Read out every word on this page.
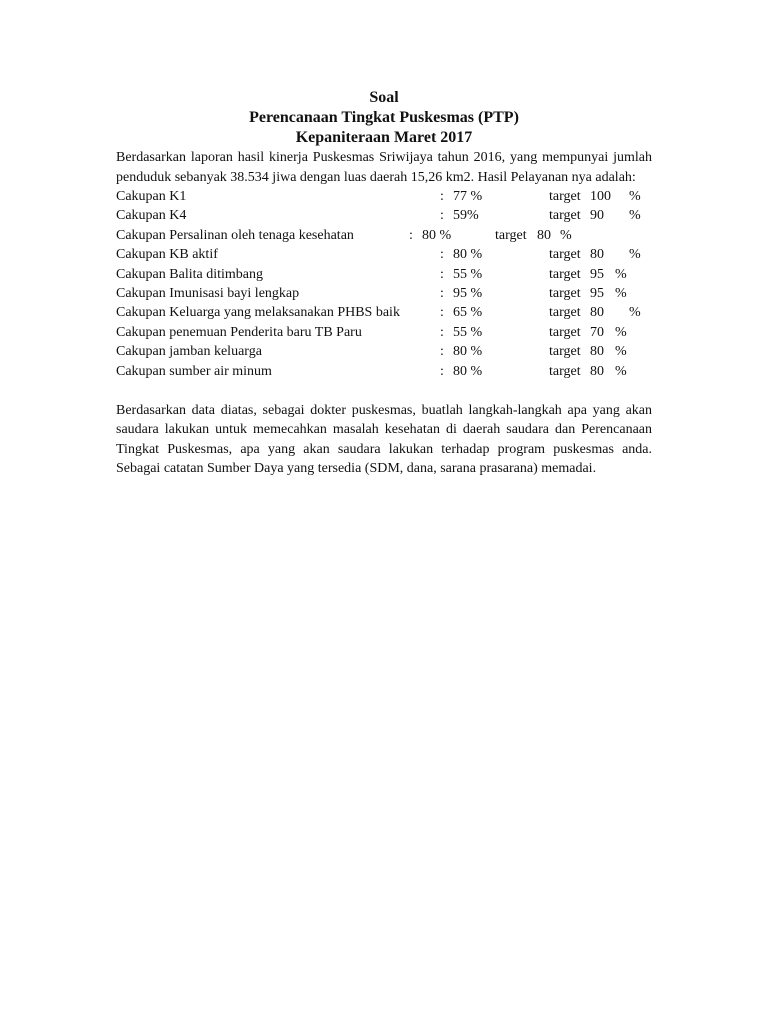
Soal
Perencanaan Tingkat Puskesmas (PTP)
Kepaniteraan Maret 2017
Berdasarkan laporan hasil kinerja Puskesmas Sriwijaya tahun 2016, yang mempunyai jumlah penduduk sebanyak 38.534 jiwa dengan luas daerah 15,26 km2. Hasil Pelayanan nya adalah:
Cakupan K1	: 77 %	target 100 %
Cakupan K4	: 59%	target 90 %
Cakupan Persalinan oleh tenaga kesehatan	: 80 %	target 80 %
Cakupan KB aktif	: 80 %	target 80 %
Cakupan Balita ditimbang	: 55 %	target 95 %
Cakupan Imunisasi bayi lengkap	: 95 %	target 95 %
Cakupan Keluarga yang melaksanakan PHBS baik	: 65 %	target 80 %
Cakupan penemuan Penderita baru TB Paru	: 55 %	target 70 %
Cakupan jamban keluarga	: 80 %	target 80 %
Cakupan sumber air minum	: 80 %	target 80 %
Berdasarkan data diatas, sebagai dokter puskesmas, buatlah langkah-langkah apa yang akan saudara lakukan untuk memecahkan masalah kesehatan di daerah saudara dan Perencanaan Tingkat Puskesmas, apa yang akan saudara lakukan terhadap program puskesmas anda. Sebagai catatan Sumber Daya yang tersedia (SDM, dana, sarana prasarana) memadai.
